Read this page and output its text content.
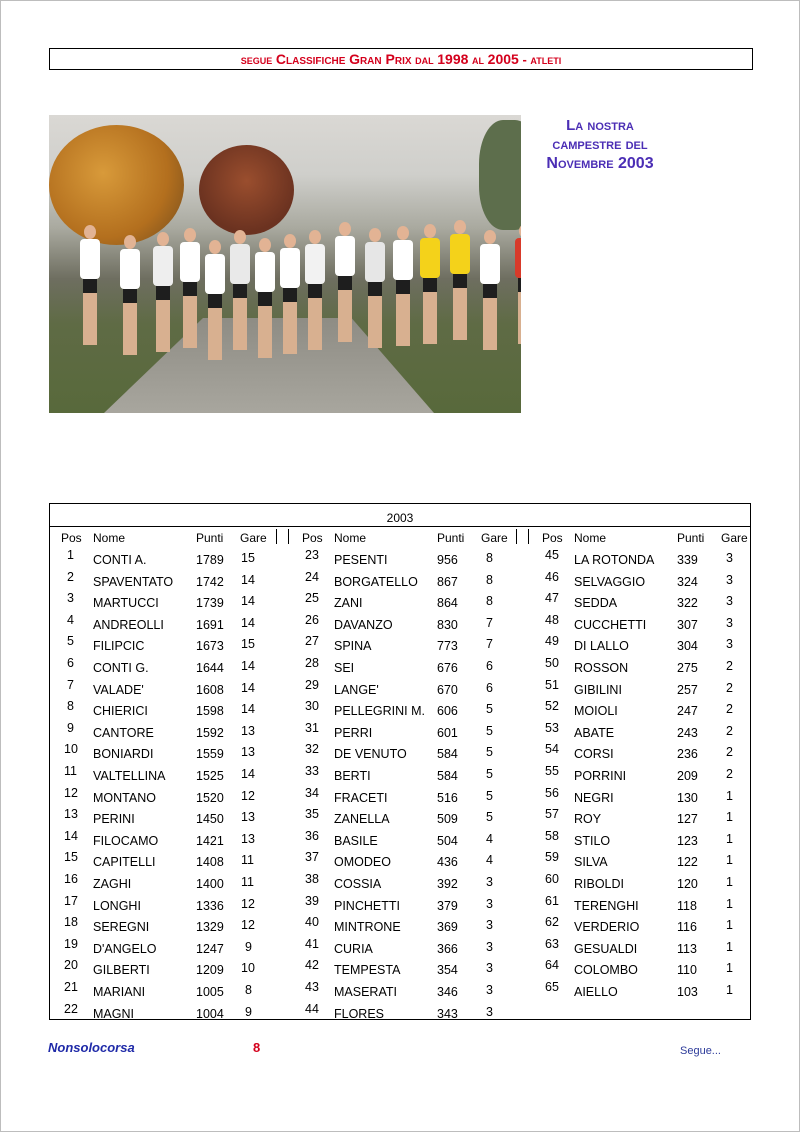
segue Classifiche Gran Prix dal 1998 al 2005 - atleti
La nostra
campestre del
Novembre 2003
2003
Pos Nome	Punti Gare
1 CONTI A.	1789 15
2 SPAVENTATO 1742 14
3 MARTUCCI	1739 14
4 ANDREOLLI	1691 14
5 FILIPCIC	1673 15
6 CONTI G.	1644 14
7 VALADE'	1608 14
8 CHIERICI	1598 14
9 CANTORE	1592 13
10 BONIARDI	1559 13
11 VALTELLINA 1525 14
12 MONTANO	1520 12
13 PERINI	1450 13
14 FILOCAMO	1421 13
15 CAPITELLI	1408 11
16 ZAGHI	1400 11
17 LONGHI	1336 12
18 SEREGNI	1329 12
19 D'ANGELO	1247 9
20 GILBERTI	1209 10
21 MARIANI	1005 8
22 MAGNI	1004 9
Pos Nome	Punti Gare
23 PESENTI	956 8
24 BORGATELLO 867 8
25 ZANI	864 8
26 DAVANZO	830 7
27 SPINA	773 7
28 SEI	676 6
29 LANGE'	670 6
30 PELLEGRINI M. 606 5
31 PERRI	601 5
32 DE VENUTO 584 5
33 BERTI	584 5
34 FRACETI	516 5
35 ZANELLA	509 5
36 BASILE	504 4
37 OMODEO	436 4
38 COSSIA	392 3
39 PINCHETTI	379 3
40 MINTRONE	369 3
41 CURIA	366 3
42 TEMPESTA	354 3
43 MASERATI	346 3
44 FLORES	343 3
Pos Nome	Punti Gare
45 LA ROTONDA 339 3
46 SELVAGGIO	324 3
47 SEDDA	322 3
48 CUCCHETTI 307 3
49 DI LALLO	304 3
50 ROSSON	275 2
51 GIBILINI	257 2
52 MOIOLI	247 2
53 ABATE	243 2
54 CORSI	236 2
55 PORRINI	209 2
56 NEGRI	130 1
57 ROY	127 1
58 STILO	123 1
59 SILVA	122 1
60 RIBOLDI	120 1
61 TERENGHI	118 1
62 VERDERIO	116 1
63 GESUALDI	113 1
64 COLOMBO	110 1
65 AIELLO	103 1
Nonsolocorsa	8	Segue...
